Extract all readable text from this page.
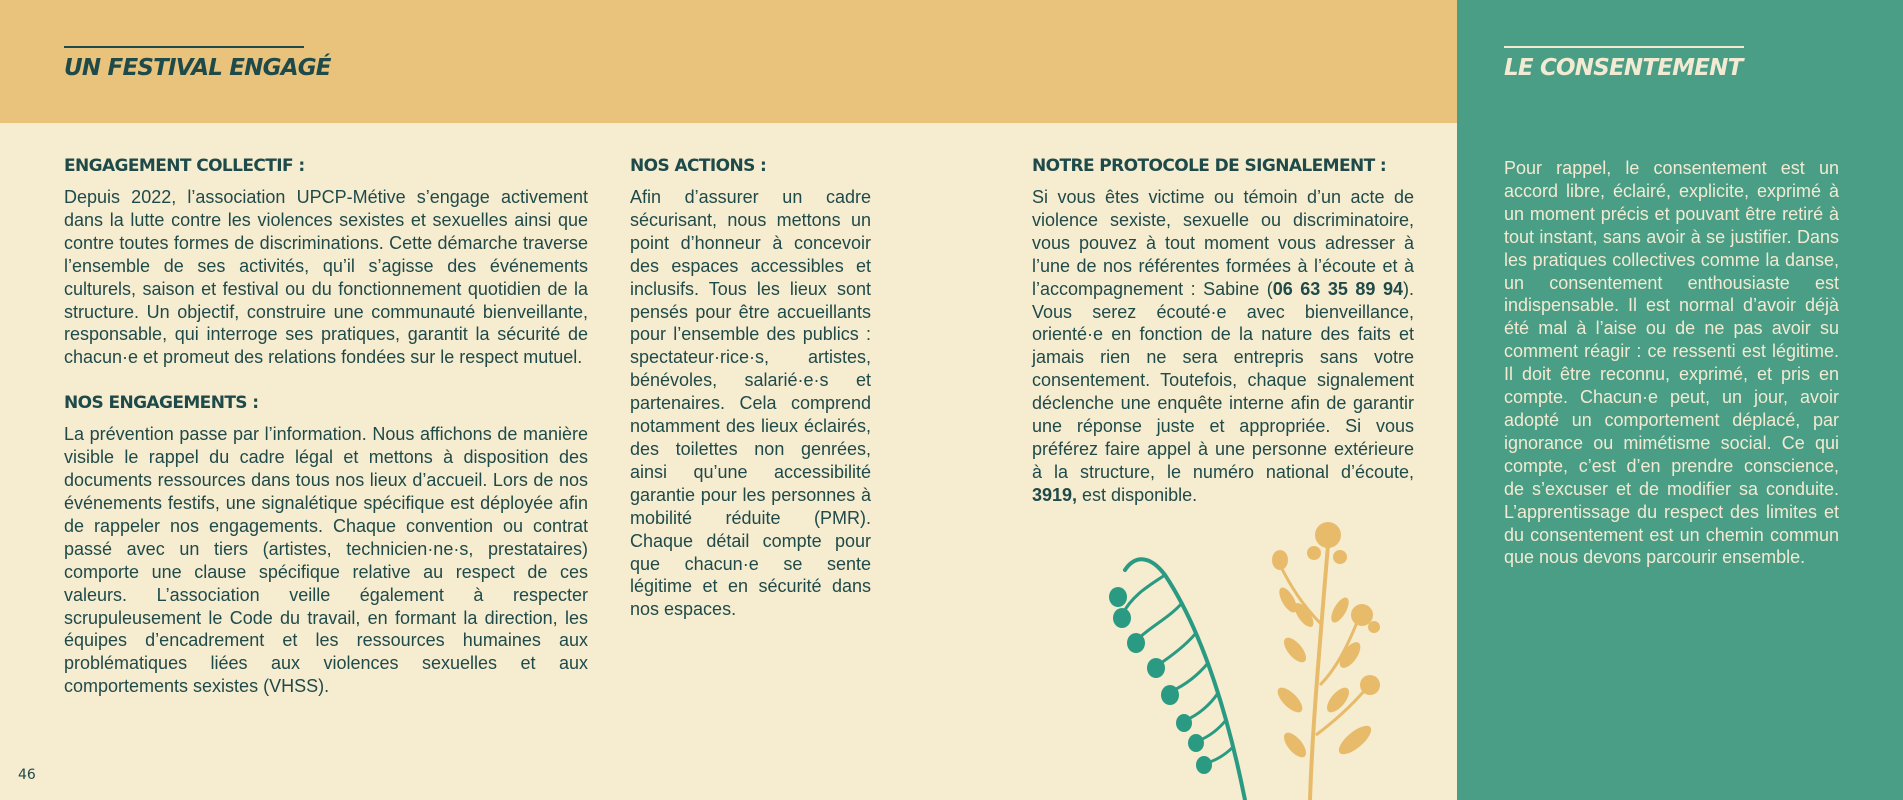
UN FESTIVAL ENGAGÉ	LE CONSENTEMENT
ENGAGEMENT COLLECTIF :

Depuis 2022, l’association UPCP-Métive s’engage activement dans la lutte contre les violences sexistes et sexuelles ainsi que contre toutes formes de discriminations. Cette démarche traverse l’ensemble de ses activités, qu’il s’agisse des événements culturels, saison et festival ou du fonctionnement quotidien de la structure. Un objectif, construire une communauté bienveillante, responsable, qui interroge ses pratiques, garantit la sécurité de chacun·e et promeut des relations fondées sur le respect mutuel.

NOS ENGAGEMENTS :

La prévention passe par l’information. Nous affichons de manière visible le rappel du cadre légal et mettons à disposition des documents ressources dans tous nos lieux d’accueil. Lors de nos événements festifs, une signalétique spécifique est déployée afin de rappeler nos engagements. Chaque convention ou contrat passé avec un tiers (artistes, technicien·ne·s, prestataires) comporte une clause spécifique relative au respect de ces valeurs. L’association veille également à respecter scrupuleusement le Code du travail, en formant la direction, les équipes d’encadrement et les ressources humaines aux problématiques liées aux violences sexuelles et aux comportements sexistes (VHSS).

NOS ACTIONS :

Afin d’assurer un cadre sécurisant, nous mettons un point d’honneur à concevoir des espaces accessibles et inclusifs. Tous les lieux sont pensés pour être accueillants pour l’ensemble des publics : spectateur·rice·s, artistes, bénévoles, salarié·e·s et partenaires. Cela comprend notamment des lieux éclairés, des toilettes non genrées, ainsi qu’une accessibilité garantie pour les personnes à mobilité réduite (PMR). Chaque détail compte pour que chacun·e se sente légitime et en sécurité dans nos espaces.

NOTRE PROTOCOLE DE SIGNALEMENT :

Si vous êtes victime ou témoin d’un acte de violence sexiste, sexuelle ou discriminatoire, vous pouvez à tout moment vous adresser à l’une de nos référentes formées à l’écoute et à l’accompagnement : Sabine (06 63 35 89 94). Vous serez écouté·e avec bienveillance, orienté·e en fonction de la nature des faits et jamais rien ne sera entrepris sans votre consentement. Toutefois, chaque signalement déclenche une enquête interne afin de garantir une réponse juste et appropriée. Si vous préférez faire appel à une personne extérieure à la structure, le numéro national d’écoute, 3919, est disponible.

Pour rappel, le consentement est un accord libre, éclairé, explicite, exprimé à un moment précis et pouvant être retiré à tout instant, sans avoir à se justifier. Dans les pratiques collectives comme la danse, un consentement enthousiaste est indispensable. Il est normal d’avoir déjà été mal à l’aise ou de ne pas avoir su comment réagir : ce ressenti est légitime. Il doit être reconnu, exprimé, et pris en compte. Chacun·e peut, un jour, avoir adopté un comportement déplacé, par ignorance ou mimétisme social. Ce qui compte, c’est d’en prendre conscience, de s’excuser et de modifier sa conduite. L’apprentissage du respect des limites et du consentement est un chemin commun que nous devons parcourir ensemble.

46
